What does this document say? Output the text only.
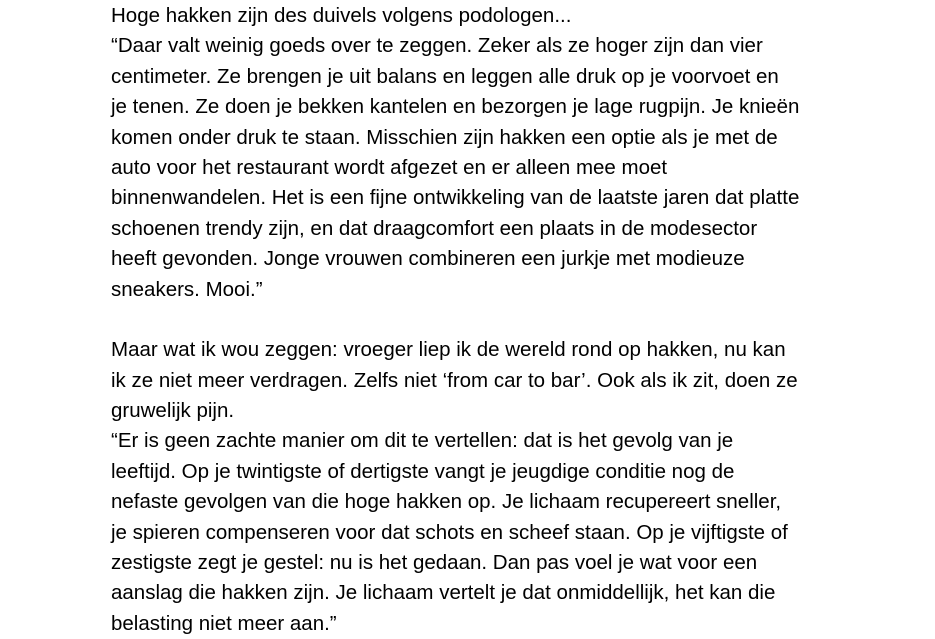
Hoge hakken zijn des duivels volgens podologen...
“Daar valt weinig goeds over te zeggen. Zeker als ze hoger zijn dan vier
centimeter. Ze brengen je uit balans en leggen alle druk op je voorvoet en
je tenen. Ze doen je bekken kantelen en bezorgen je lage rugpijn. Je knieën
komen onder druk te staan. Misschien zijn hakken een optie als je met de
auto voor het restaurant wordt afgezet en er alleen mee moet
binnenwandelen. Het is een fijne ontwikkeling van de laatste jaren dat platte
schoenen trendy zijn, en dat draagcomfort een plaats in de modesector
heeft gevonden. Jonge vrouwen combineren een jurkje met modieuze
sneakers. Mooi.”
Maar wat ik wou zeggen: vroeger liep ik de wereld rond op hakken, nu kan
ik ze niet meer verdragen. Zelfs niet ‘from car to bar’. Ook als ik zit, doen ze
gruwelijk pijn.
“Er is geen zachte manier om dit te vertellen: dat is het gevolg van je
leeftijd. Op je twintigste of dertigste vangt je jeugdige conditie nog de
nefaste gevolgen van die hoge hakken op. Je lichaam recupereert sneller,
je spieren compenseren voor dat schots en scheef staan. Op je vijftigste of
zestigste zegt je gestel: nu is het gedaan. Dan pas voel je wat voor een
aanslag die hakken zijn. Je lichaam vertelt je dat onmiddellijk, het kan die
belasting niet meer aan.”
